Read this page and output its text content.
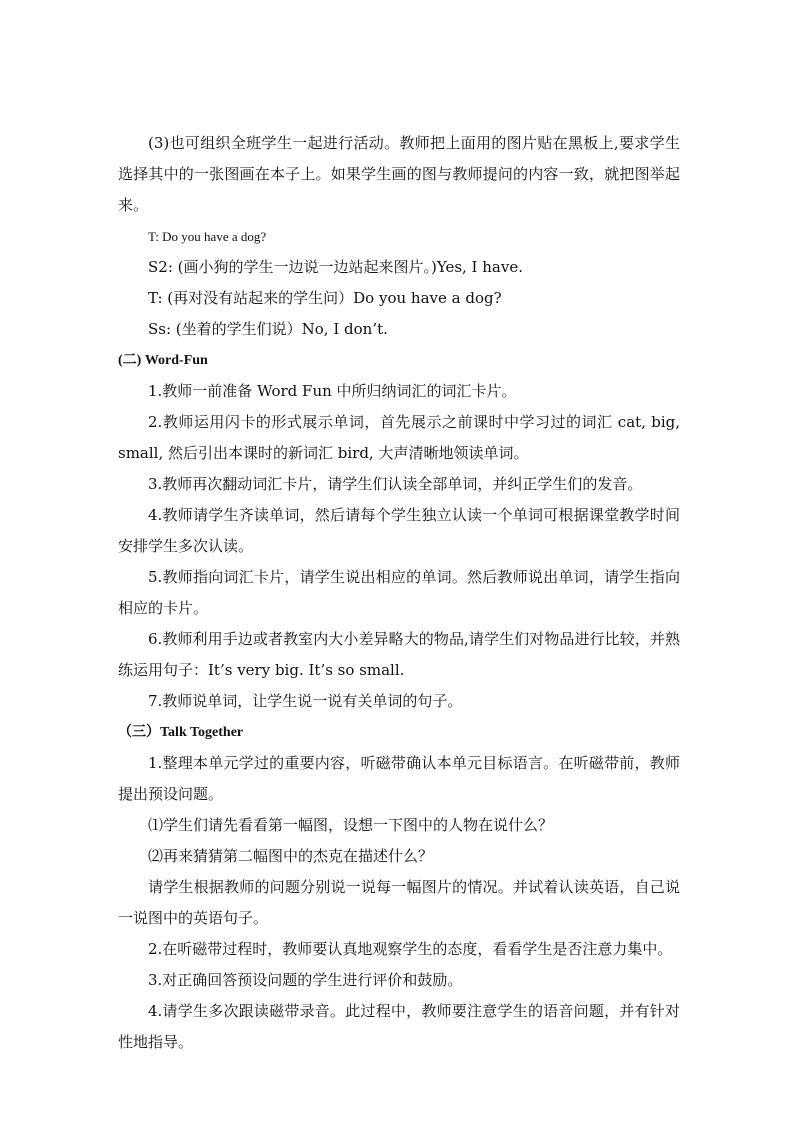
(3)也可组织全班学生一起进行活动。教师把上面用的图片贴在黑板上,要求学生选择其中的一张图画在本子上。如果学生画的图与教师提问的内容一致，就把图举起来。

T: Do you have a dog?

S2: (画小狗的学生一边说一边站起来图片。)Yes, I have.

T: (再对没有站起来的学生问）Do you have a dog?

Ss: (坐着的学生们说）No, I don’t.

(二) Word-Fun

1.教师一前准备 Word Fun 中所归纳词汇的词汇卡片。

2.教师运用闪卡的形式展示单词，首先展示之前课时中学习过的词汇 cat, big, small, 然后引出本课时的新词汇 bird, 大声清晰地领读单词。

3.教师再次翻动词汇卡片，请学生们认读全部单词，并纠正学生们的发音。

4.教师请学生齐读单词，然后请每个学生独立认读一个单词可根据课堂教学时间安排学生多次认读。

5.教师指向词汇卡片，请学生说出相应的单词。然后教师说出单词，请学生指向相应的卡片。

6.教师利用手边或者教室内大小差异略大的物品,请学生们对物品进行比较，并熟练运用句子：It’s very big. It’s so small.

7.教师说单词，让学生说一说有关单词的句子。

（三）Talk Together

1.整理本单元学过的重要内容，听磁带确认本单元目标语言。在听磁带前，教师提出预设问题。

⑴学生们请先看看第一幅图，设想一下图中的人物在说什么？

⑵再来猜猜第二幅图中的杰克在描述什么？

请学生根据教师的问题分别说一说每一幅图片的情况。并试着认读英语，自己说一说图中的英语句子。

2.在听磁带过程时，教师要认真地观察学生的态度，看看学生是否注意力集中。

3.对正确回答预设问题的学生进行评价和鼓励。

4.请学生多次跟读磁带录音。此过程中，教师要注意学生的语音问题，并有针对性地指导。
